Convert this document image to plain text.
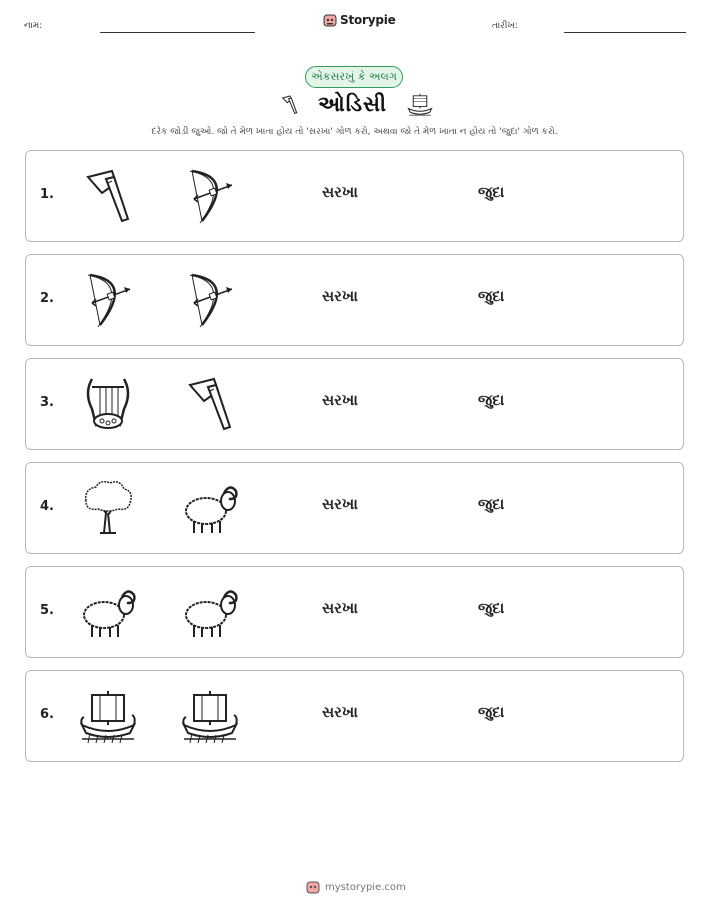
નામ:	Storypie	તારીખ:
એકસરખું કે અલગ
ઓડિસી
દરેક જોડી જુઓ. જો તે મેળ ખાતા હોય તો 'સરખા' ગોળ કરો, અથવા જો તે મેળ ખાતા ન હોય તો 'જુદા' ગોળ કરો.
1.	સરખા	જુદા
2.	સરખા	જુદા
3.	સરખા	જુદા
4.	સરખા	જુદા
5.	સરખા	જુદા
6.	સરખા	જુદા
mystorypie.com
